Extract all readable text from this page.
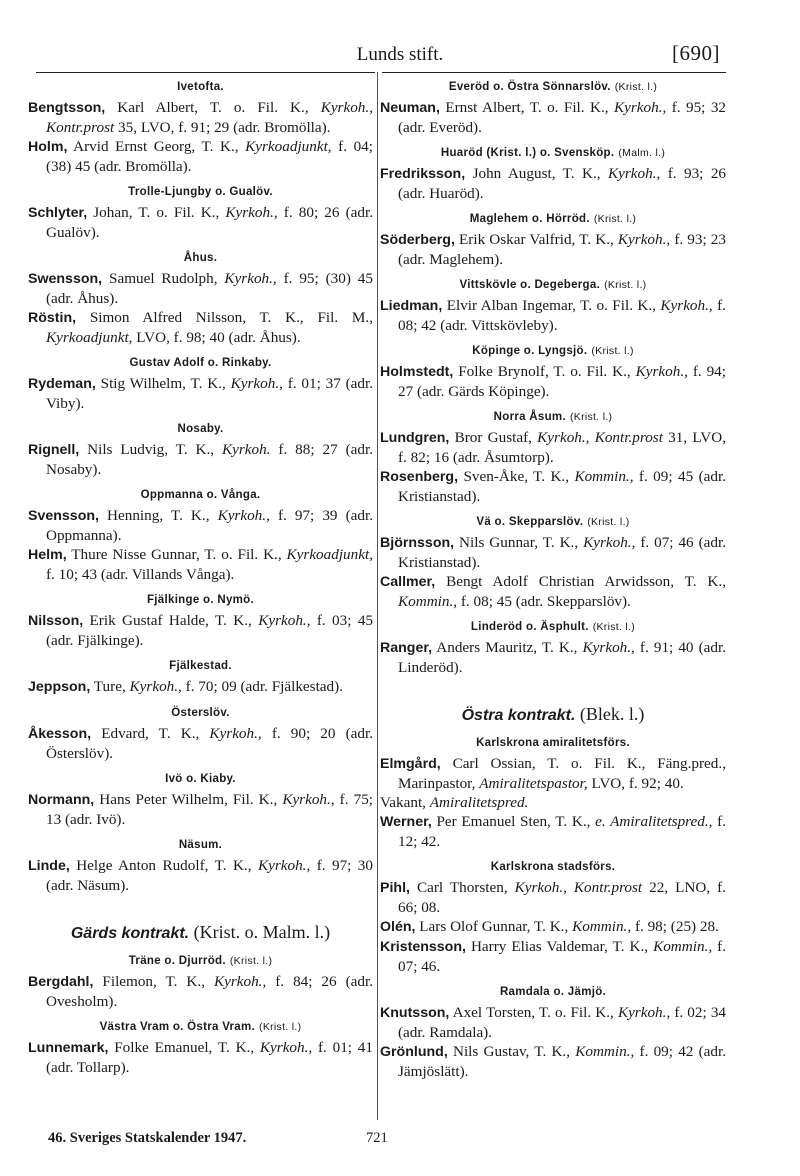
Lunds stift.	[690]
Ivetofta.

Bengtsson, Karl Albert, T. o. Fil. K., Kyrkoh., Kontr.prost 35, LVO, f. 91; 29 (adr. Bromölla).

Holm, Arvid Ernst Georg, T. K., Kyrkoadjunkt, f. 04; (38) 45 (adr. Bromölla).

Trolle-Ljungby o. Gualöv.

Schlyter, Johan, T. o. Fil. K., Kyrkoh., f. 80; 26 (adr. Gualöv).

Åhus.

Swensson, Samuel Rudolph, Kyrkoh., f. 95; (30) 45 (adr. Åhus).

Röstin, Simon Alfred Nilsson, T. K., Fil. M., Kyrkoadjunkt, LVO, f. 98; 40 (adr. Åhus).

Gustav Adolf o. Rinkaby.

Rydeman, Stig Wilhelm, T. K., Kyrkoh., f. 01; 37 (adr. Viby).

Nosaby.

Rignell, Nils Ludvig, T. K., Kyrkoh. f. 88; 27 (adr. Nosaby).

Oppmanna o. Vånga.

Svensson, Henning, T. K., Kyrkoh., f. 97; 39 (adr. Oppmanna).

Helm, Thure Nisse Gunnar, T. o. Fil. K., Kyrkoadjunkt, f. 10; 43 (adr. Villands Vånga).

Fjälkinge o. Nymö.

Nilsson, Erik Gustaf Halde, T. K., Kyrkoh., f. 03; 45 (adr. Fjälkinge).

Fjälkestad.

Jeppson, Ture, Kyrkoh., f. 70; 09 (adr. Fjälkestad).

Österslöv.

Åkesson, Edvard, T. K., Kyrkoh., f. 90; 20 (adr. Österslöv).

Ivö o. Kiaby.

Normann, Hans Peter Wilhelm, Fil. K., Kyrkoh., f. 75; 13 (adr. Ivö).

Näsum.

Linde, Helge Anton Rudolf, T. K., Kyrkoh., f. 97; 30 (adr. Näsum).

Gärds kontrakt. (Krist. o. Malm. l.)
Träne o. Djurröd. (Krist. l.)

Bergdahl, Filemon, T. K., Kyrkoh., f. 84; 26 (adr. Ovesholm).

Västra Vram o. Östra Vram. (Krist. l.)

Lunnemark, Folke Emanuel, T. K., Kyrkoh., f. 01; 41 (adr. Tollarp).

Everöd o. Östra Sönnarslöv. (Krist. l.)

Neuman, Ernst Albert, T. o. Fil. K., Kyrkoh., f. 95; 32 (adr. Everöd).

Huaröd (Krist. l.) o. Svensköp. (Malm. l.)

Fredriksson, John August, T. K., Kyrkoh., f. 93; 26 (adr. Huaröd).

Maglehem o. Hörröd. (Krist. l.)

Söderberg, Erik Oskar Valfrid, T. K., Kyrkoh., f. 93; 23 (adr. Maglehem).

Vittskövle o. Degeberga. (Krist. l.)

Liedman, Elvir Alban Ingemar, T. o. Fil. K., Kyrkoh., f. 08; 42 (adr. Vittskövleby).

Köpinge o. Lyngsjö. (Krist. l.)

Holmstedt, Folke Brynolf, T. o. Fil. K., Kyrkoh., f. 94; 27 (adr. Gärds Köpinge).

Norra Åsum. (Krist. l.)

Lundgren, Bror Gustaf, Kyrkoh., Kontr.prost 31, LVO, f. 82; 16 (adr. Åsumtorp).

Rosenberg, Sven-Åke, T. K., Kommin., f. 09; 45 (adr. Kristianstad).

Vä o. Skepparslöv. (Krist. l.)

Björnsson, Nils Gunnar, T. K., Kyrkoh., f. 07; 46 (adr. Kristianstad).

Callmer, Bengt Adolf Christian Arwidsson, T. K., Kommin., f. 08; 45 (adr. Skepparslöv).

Linderöd o. Äsphult. (Krist. l.)

Ranger, Anders Mauritz, T. K., Kyrkoh., f. 91; 40 (adr. Linderöd).

Östra kontrakt. (Blek. l.)
Karlskrona amiralitetsförs.

Elmgård, Carl Ossian, T. o. Fil. K., Fäng.pred., Marinpastor, Amiralitetspastor, LVO, f. 92; 40.

Vakant, Amiralitetspred.

Werner, Per Emanuel Sten, T. K., e. Amiralitetspred., f. 12; 42.

Karlskrona stadsförs.

Pihl, Carl Thorsten, Kyrkoh., Kontr.prost 22, LNO, f. 66; 08.

Olén, Lars Olof Gunnar, T. K., Kommin., f. 98; (25) 28.

Kristensson, Harry Elias Valdemar, T. K., Kommin., f. 07; 46.

Ramdala o. Jämjö.

Knutsson, Axel Torsten, T. o. Fil. K., Kyrkoh., f. 02; 34 (adr. Ramdala).

Grönlund, Nils Gustav, T. K., Kommin., f. 09; 42 (adr. Jämjöslätt).

46. Sveriges Statskalender 1947.	721
